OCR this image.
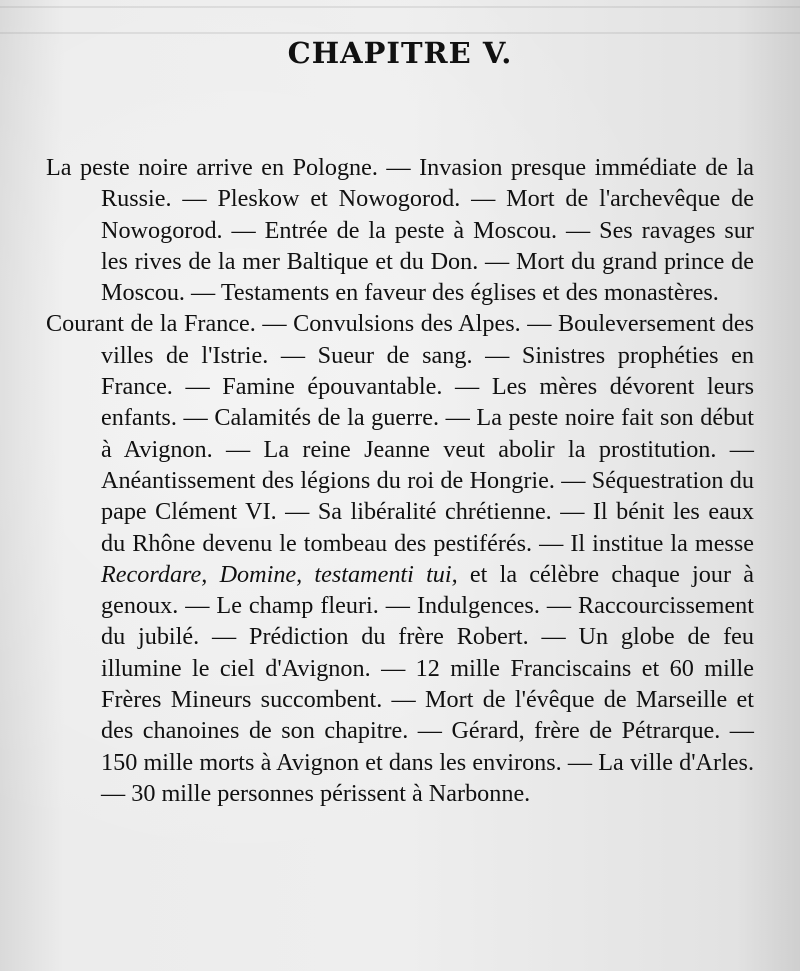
CHAPITRE V.

La peste noire arrive en Pologne. — Invasion presque immédiate de la Russie. — Pleskow et Nowogorod. — Mort de l'archevêque de Nowogorod. — Entrée de la peste à Moscou. — Ses ravages sur les rives de la mer Baltique et du Don. — Mort du grand prince de Moscou. — Testaments en faveur des églises et des monastères.

Courant de la France. — Convulsions des Alpes. — Bouleversement des villes de l'Istrie. — Sueur de sang. — Sinistres prophéties en France. — Famine épouvantable. — Les mères dévorent leurs enfants. — Calamités de la guerre. — La peste noire fait son début à Avignon. — La reine Jeanne veut abolir la prostitution. — Anéantissement des légions du roi de Hongrie. — Séquestration du pape Clément VI. — Sa libéralité chrétienne. — Il bénit les eaux du Rhône devenu le tombeau des pestiférés. — Il institue la messe Recordare, Domine, testamenti tui, et la célèbre chaque jour à genoux. — Le champ fleuri. — Indulgences. — Raccourcissement du jubilé. — Prédiction du frère Robert. — Un globe de feu illumine le ciel d'Avignon. — 12 mille Franciscains et 60 mille Frères Mineurs succombent. — Mort de l'évêque de Marseille et des chanoines de son chapitre. — Gérard, frère de Pétrarque. — 150 mille morts à Avignon et dans les environs. — La ville d'Arles. — 30 mille personnes périssent à Narbonne.
